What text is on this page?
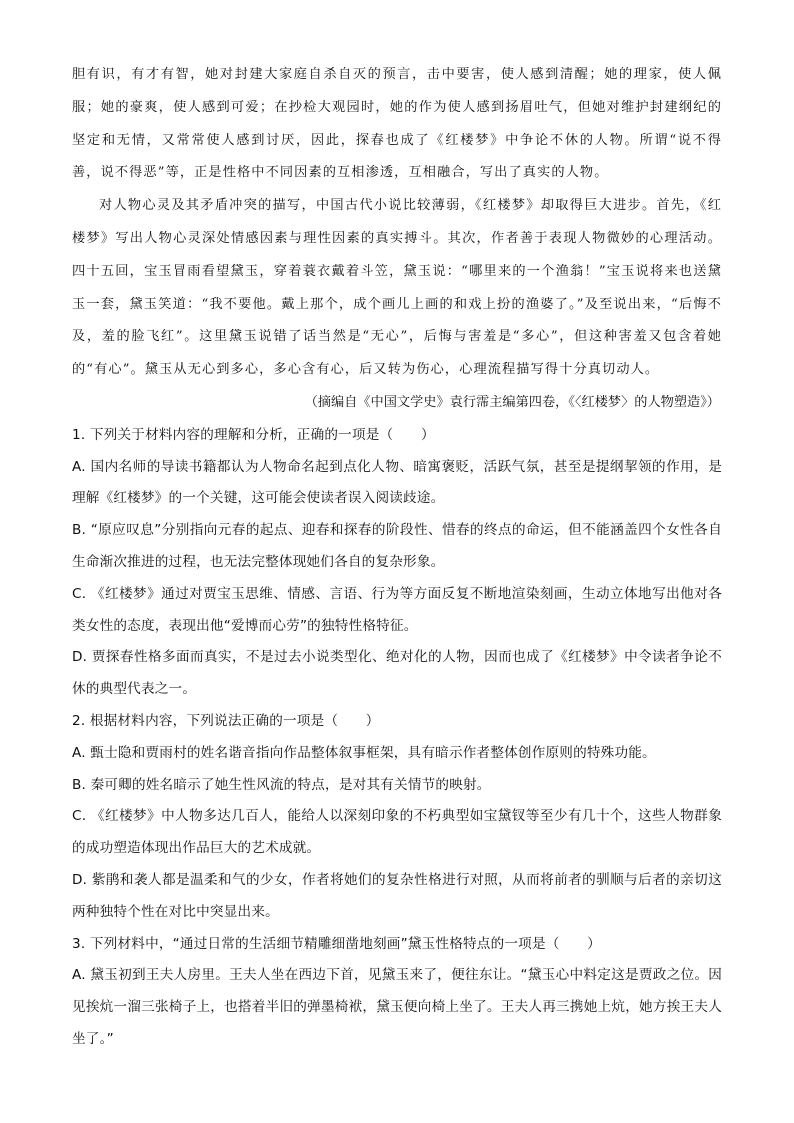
胆有识，有才有智，她对封建大家庭自杀自灭的预言，击中要害，使人感到清醒；她的理家，使人佩服；她的豪爽，使人感到可爱；在抄检大观园时，她的作为使人感到扬眉吐气，但她对维护封建纲纪的坚定和无情，又常常使人感到讨厌，因此，探春也成了《红楼梦》中争论不休的人物。所谓“说不得善，说不得恶”等，正是性格中不同因素的互相渗透，互相融合，写出了真实的人物。

对人物心灵及其矛盾冲突的描写，中国古代小说比较薄弱，《红楼梦》却取得巨大进步。首先，《红楼梦》写出人物心灵深处情感因素与理性因素的真实搏斗。其次，作者善于表现人物微妙的心理活动。四十五回，宝玉冒雨看望黛玉，穿着蓑衣戴着斗笠，黛玉说：“哪里来的一个渔翁！”宝玉说将来也送黛玉一套，黛玉笑道：“我不要他。戴上那个，成个画儿上画的和戏上扮的渔婆了。”及至说出来，“后悔不及，羞的脸飞红”。这里黛玉说错了话当然是“无心”，后悔与害羞是“多心”，但这种害羞又包含着她的“有心”。黛玉从无心到多心，多心含有心，后又转为伤心，心理流程描写得十分真切动人。

（摘编自《中国文学史》袁行霈主编第四卷，《〈红楼梦〉的人物塑造》）

1. 下列关于材料内容的理解和分析，正确的一项是（　　）

A. 国内名师的导读书籍都认为人物命名起到点化人物、暗寓褒贬，活跃气氛，甚至是提纲挈领的作用，是理解《红楼梦》的一个关键，这可能会使读者误入阅读歧途。

B. “原应叹息”分别指向元春的起点、迎春和探春的阶段性、惜春的终点的命运，但不能涵盖四个女性各自生命渐次推进的过程，也无法完整体现她们各自的复杂形象。

C. 《红楼梦》通过对贾宝玉思维、情感、言语、行为等方面反复不断地渲染刻画，生动立体地写出他对各类女性的态度，表现出他“爱博而心劳”的独特性格特征。

D. 贾探春性格多面而真实，不是过去小说类型化、绝对化的人物，因而也成了《红楼梦》中令读者争论不休的典型代表之一。

2. 根据材料内容，下列说法正确的一项是（　　）

A. 甄士隐和贾雨村的姓名谐音指向作品整体叙事框架，具有暗示作者整体创作原则的特殊功能。

B. 秦可卿的姓名暗示了她生性风流的特点，是对其有关情节的映射。

C. 《红楼梦》中人物多达几百人，能给人以深刻印象的不朽典型如宝黛钗等至少有几十个，这些人物群象的成功塑造体现出作品巨大的艺术成就。

D. 紫鹃和袭人都是温柔和气的少女，作者将她们的复杂性格进行对照，从而将前者的驯顺与后者的亲切这两种独特个性在对比中突显出来。

3. 下列材料中，“通过日常的生活细节精雕细凿地刻画”黛玉性格特点的一项是（　　）

A. 黛玉初到王夫人房里。王夫人坐在西边下首，见黛玉来了，便往东让。“黛玉心中料定这是贾政之位。因见挨炕一溜三张椅子上，也搭着半旧的弹墨椅袱，黛玉便向椅上坐了。王夫人再三携她上炕，她方挨王夫人坐了。”
